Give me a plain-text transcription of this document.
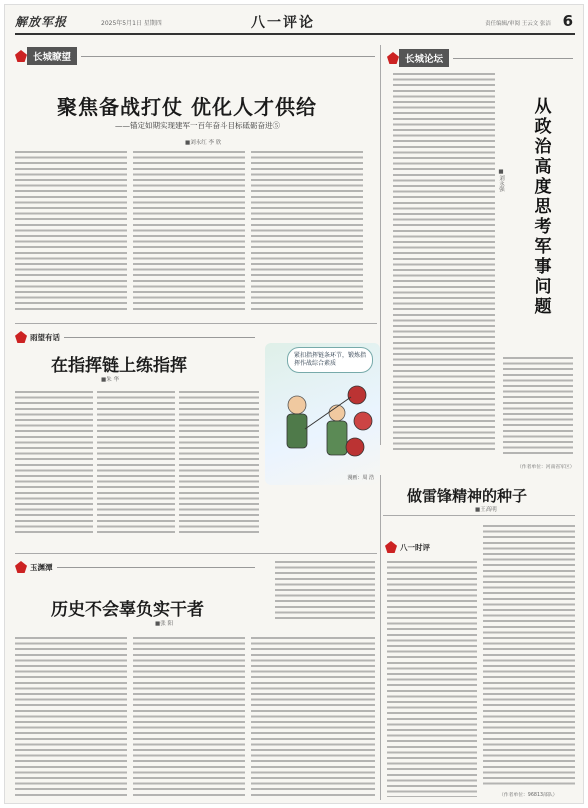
解放军报	2025年5月1日 星期四	八一评论	责任编辑/审阅 王云文 张洁 6
长城瞭望
聚焦备战打仗 优化人才供给
——锚定如期实现建军一百年奋斗目标砥砺奋进⑤
■刘永红 李 欣
长城论坛
从
政
治
高
度
思
考
军
事
问
题
■刘永强
（作者单位：河南省军区）
雨望有话
在指挥链上练指挥
■朱 华
紧扣指挥链条环节，锻炼指挥作战综合素质
漫画：周 浩
做雷锋精神的种子
■王高明
八一时评
（作者单位：96813部队）
玉渊潭
历史不会辜负实干者
■张 阳
